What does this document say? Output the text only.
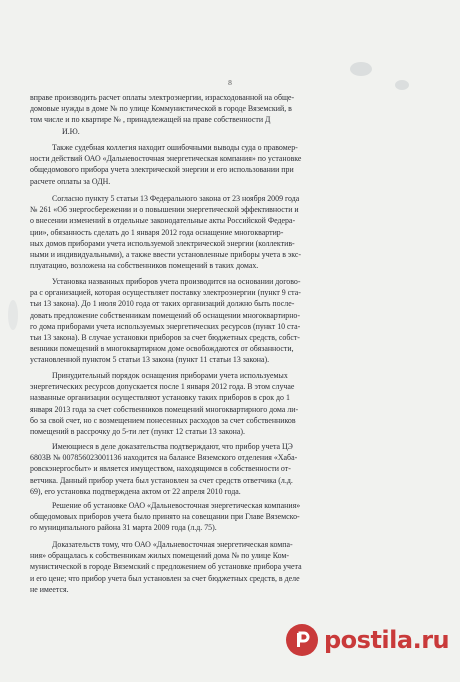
8
вправе производить расчет оплаты электроэнергии, израсходованной на обще-
домовые нужды в доме № по улице Коммунистической в городе Вяземский, в
том числе и по квартире № , принадлежащей на праве собственности Д
И.Ю.
Также судебная коллегия находит ошибочными выводы суда о правомер-
ности действий ОАО «Дальневосточная энергетическая компания» по установке
общедомового прибора учета электрической энергии и его использовании при
расчете оплаты за ОДН.
Согласно пункту 5 статьи 13 Федерального закона от 23 ноября 2009 года
№ 261 «Об энергосбережении и о повышении энергетической эффективности и
о внесении изменений в отдельные законодательные акты Российской Федера-
ции», обязанность сделать до 1 января 2012 года оснащение многоквартир-
ных домов приборами учета используемой электрической энергии (коллектив-
ными и индивидуальными), а также ввести установленные приборы учета в экс-
плуатацию, возложена на собственников помещений в таких домах.
Установка названных приборов учета производится на основании догово-
ра с организацией, которая осуществляет поставку электроэнергии (пункт 9 ста-
тьи 13 закона). До 1 июля 2010 года от таких организаций должно быть после-
довать предложение собственникам помещений об оснащении многоквартирно-
го дома приборами учета используемых энергетических ресурсов (пункт 10 ста-
тьи 13 закона). В случае установки приборов за счет бюджетных средств, собст-
венники помещений в многоквартирном доме освобождаются от обязанности,
установленной пунктом 5 статьи 13 закона (пункт 11 статьи 13 закона).
Принудительный порядок оснащения приборами учета используемых
энергетических ресурсов допускается после 1 января 2012 года. В этом случае
названные организации осуществляют установку таких приборов в срок до 1
января 2013 года за счет собственников помещений многоквартирного дома ли-
бо за свой счет, но с возмещением понесенных расходов за счет собственников
помещений в рассрочку до 5-ти лет (пункт 12 статьи 13 закона).
Имеющиеся в деле доказательства подтверждают, что прибор учета ЦЭ
6803В № 007856023001136 находится на балансе Вяземского отделения «Хаба-
ровскэнергосбыт» и является имуществом, находящимся в собственности от-
ветчика. Данный прибор учета был установлен за счет средств ответчика (л.д.
69), его установка подтверждена актом от 22 апреля 2010 года.
Решение об установке ОАО «Дальневосточная энергетическая компания»
общедомовых приборов учета было принято на совещании при Главе Вяземско-
го муниципального района 31 марта 2009 года (л.д. 75).
Доказательств тому, что ОАО «Дальневосточная энергетическая компа-
ния» обращалась к собственникам жилых помещений дома № по улице Ком-
мунистической в городе Вяземский с предложением об установке прибора учета
и его цене; что прибор учета был установлен за счет бюджетных средств, в деле
не имеется.
postila.ru
